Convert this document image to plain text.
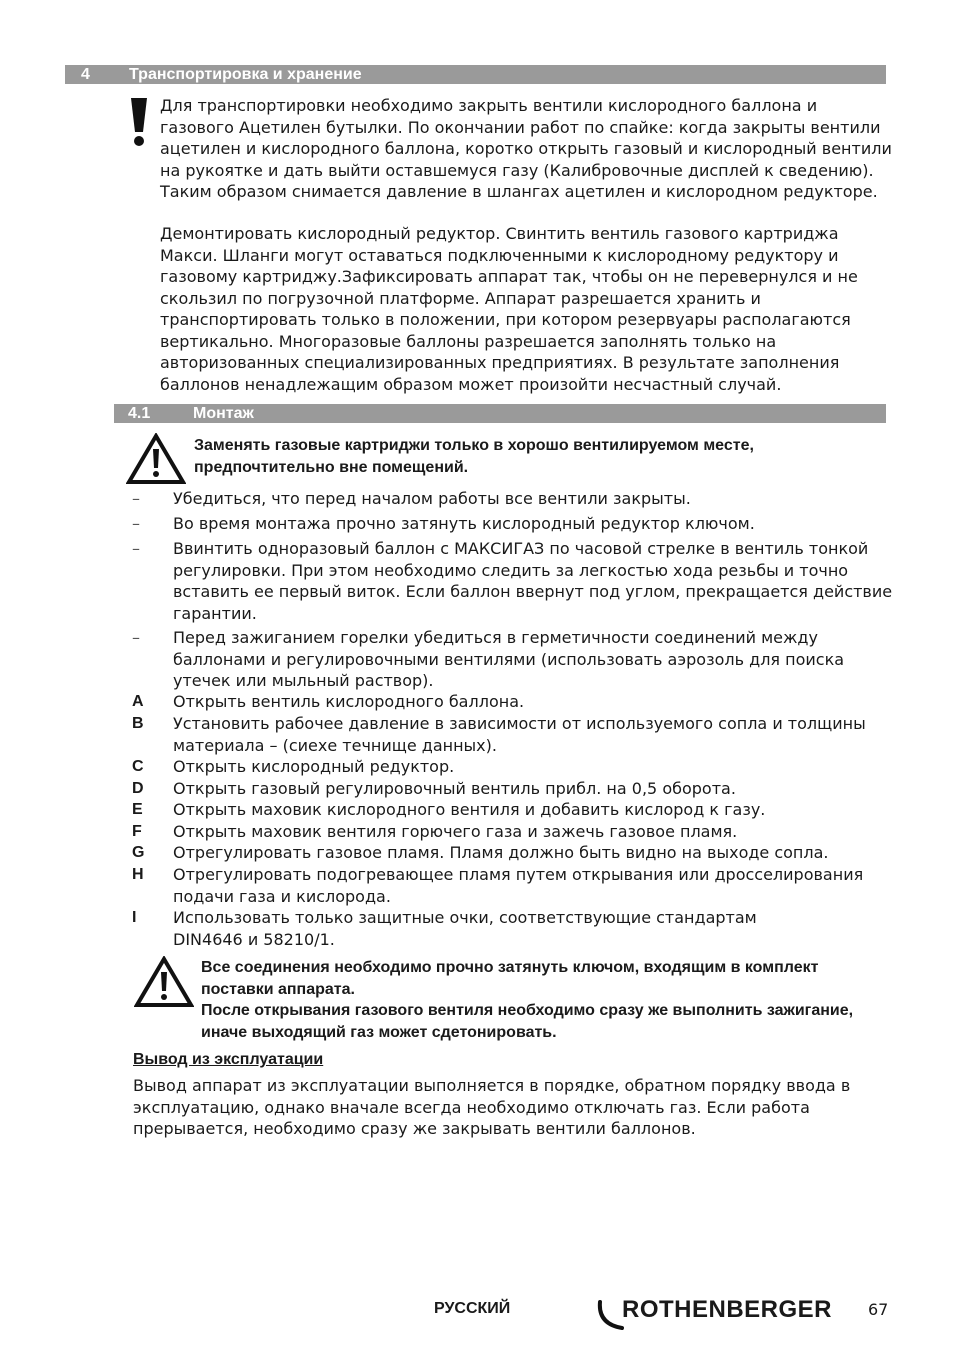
4 Транспортировка и хранение
Для транспортировки необходимо закрыть вентили кислородного баллона и газового Ацетилен бутылки. По окончании работ по спайке: когда закрыты вентили ацетилен и кислородного баллона, коротко открыть газовый и кислородный вентили на рукоятке и дать выйти оставшемуся газу (Калибровочные дисплей к сведению). Таким образом снимается давление в шлангах ацетилен и кислородном редукторе.
Демонтировать кислородный редуктор. Свинтить вентиль газового картриджа Макси. Шланги могут оставаться подключенными к кислородному редуктору и газовому картриджу.Зафиксировать аппарат так, чтобы он не перевернулся и не скользил по погрузочной платформе. Аппарат разрешается хранить и транспортировать только в положении, при котором резервуары располагаются вертикально. Многоразовые баллоны разрешается заполнять только на авторизованных специализированных предприятиях. В результате заполнения баллонов ненадлежащим образом может произойти несчастный случай.
4.1	Монтаж
Заменять газовые картриджи только в хорошо вентилируемом месте, предпочтительно вне помещений.
– Убедиться, что перед началом работы все вентили закрыты.
– Во время монтажа прочно затянуть кислородный редуктор ключом.
– Ввинтить одноразовый баллон с МАКСИГАЗ по часовой стрелке в вентиль тонкой регулировки. При этом необходимо следить за легкостью хода резьбы и точно вставить ее первый виток. Если баллон ввернут под углом, прекращается действие гарантии.
– Перед зажиганием горелки убедиться в герметичности соединений между баллонами и регулировочными вентилями (использовать аэрозоль для поиска утечек или мыльный раствор).
A Открыть вентиль кислородного баллона.
B Установить рабочее давление в зависимости от используемого сопла и толщины материала – (сиехе течнище данных).
C Открыть кислородный редуктор.
D Открыть газовый регулировочный вентиль прибл. на 0,5 оборота.
E Открыть маховик кислородного вентиля и добавить кислород к газу.
F Открыть маховик вентиля горючего газа и зажечь газовое пламя.
G Отрегулировать газовое пламя. Пламя должно быть видно на выходе сопла.
H Отрегулировать подогревающее пламя путем открывания или дросселирования подачи газа и кислорода.
I Использовать только защитные очки, соответствующие стандартам DIN4646 и 58210/1.
Все соединения необходимо прочно затянуть ключом, входящим в комплект поставки аппарата.
После открывания газового вентиля необходимо сразу же выполнить зажигание, иначе выходящий газ может сдетонировать.
Вывод из эксплуатации
Вывод аппарат из эксплуатации выполняется в порядке, обратном порядку ввода в эксплуатацию, однако вначале всегда необходимо отключать газ. Если работа прерывается, необходимо сразу же закрывать вентили баллонов.
РУССКИЙ	ROTHENBERGER 67
